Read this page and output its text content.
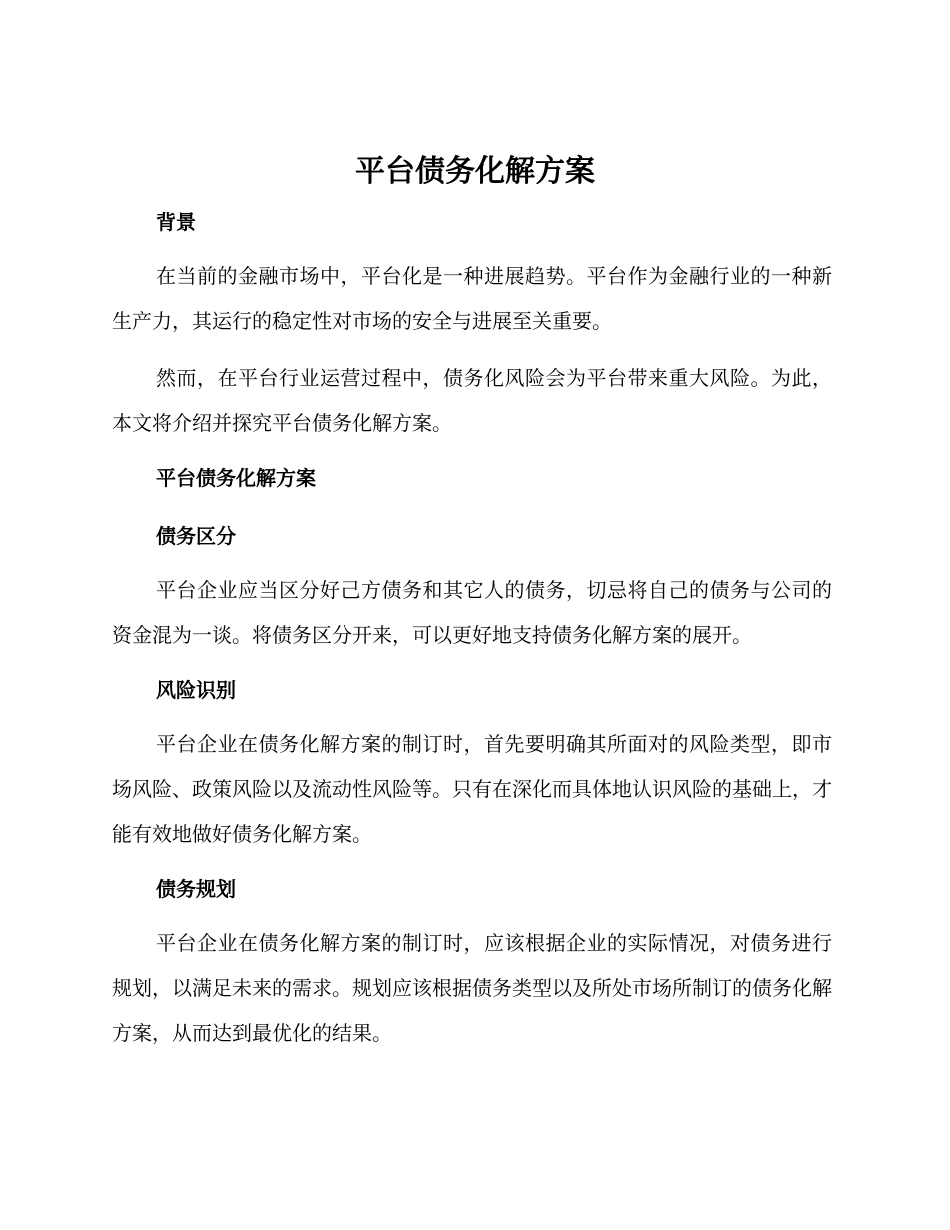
平台债务化解方案
背景

在当前的金融市场中，平台化是一种进展趋势。平台作为金融行业的一种新生产力，其运行的稳定性对市场的安全与进展至关重要。

然而，在平台行业运营过程中，债务化风险会为平台带来重大风险。为此，本文将介绍并探究平台债务化解方案。

平台债务化解方案
债务区分

平台企业应当区分好己方债务和其它人的债务，切忌将自己的债务与公司的资金混为一谈。将债务区分开来，可以更好地支持债务化解方案的展开。

风险识别

平台企业在债务化解方案的制订时，首先要明确其所面对的风险类型，即市场风险、政策风险以及流动性风险等。只有在深化而具体地认识风险的基础上，才能有效地做好债务化解方案。

债务规划

平台企业在债务化解方案的制订时，应该根据企业的实际情况，对债务进行规划，以满足未来的需求。规划应该根据债务类型以及所处市场所制订的债务化解方案，从而达到最优化的结果。
